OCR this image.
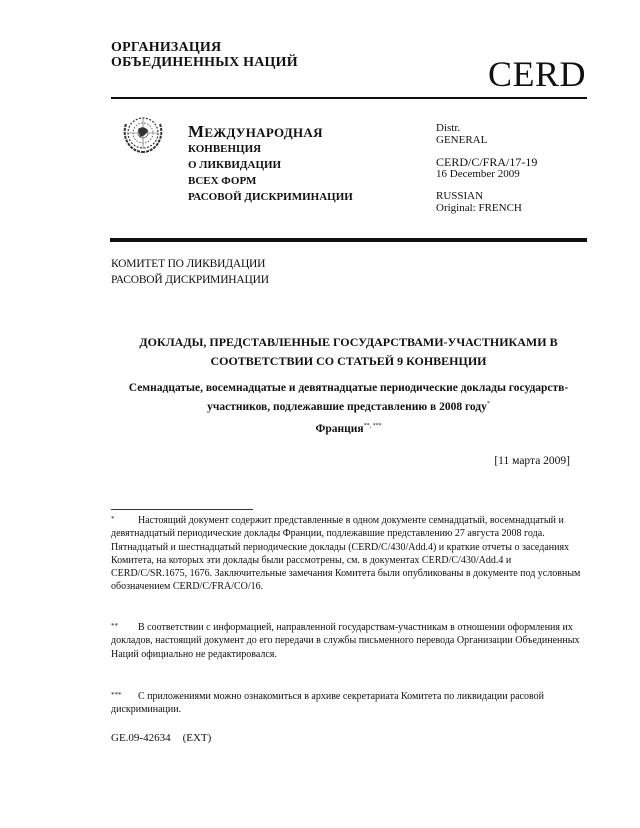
ОРГАНИЗАЦИЯ
ОБЪЕДИНЕННЫХ НАЦИЙ	CERD
МЕЖДУНАРОДНАЯ
КОНВЕНЦИЯ
О ЛИКВИДАЦИИ
ВСЕХ ФОРМ
РАСОВОЙ ДИСКРИМИНАЦИИ
Distr.
GENERAL
CERD/C/FRA/17-19
16 December 2009
RUSSIAN
Original: FRENCH
КОМИТЕТ ПО ЛИКВИДАЦИИ
РАСОВОЙ ДИСКРИМИНАЦИИ
ДОКЛАДЫ, ПРЕДСТАВЛЕННЫЕ ГОСУДАРСТВАМИ-УЧАСТНИКАМИ В
СООТВЕТСТВИИ СО СТАТЬЕЙ 9 КОНВЕНЦИИ
Семнадцатые, восемнадцатые и девятнадцатые периодические доклады государств-
участников, подлежавшие представлению в 2008 году*
Франция**, ***
[11 марта 2009]
* Настоящий документ содержит представленные в одном документе семнадцатый, восемнадцатый и девятнадцатый периодические доклады Франции, подлежавшие представлению 27 августа 2008 года. Пятнадцатый и шестнадцатый периодические доклады (CERD/C/430/Add.4) и краткие отчеты о заседаниях Комитета, на которых эти доклады были рассмотрены, см. в документах CERD/C/430/Add.4 и CERD/C/SR.1675, 1676. Заключительные замечания Комитета были опубликованы в документе под условным обозначением CERD/C/FRA/CO/16.
** В соответствии с информацией, направленной государствам-участникам в отношении оформления их докладов, настоящий документ до его передачи в службы письменного перевода Организации Объединенных Наций официально не редактировался.
*** С приложениями можно ознакомиться в архиве секретариата Комитета по ликвидации расовой дискриминации.
GE.09-42634 (EXT)
